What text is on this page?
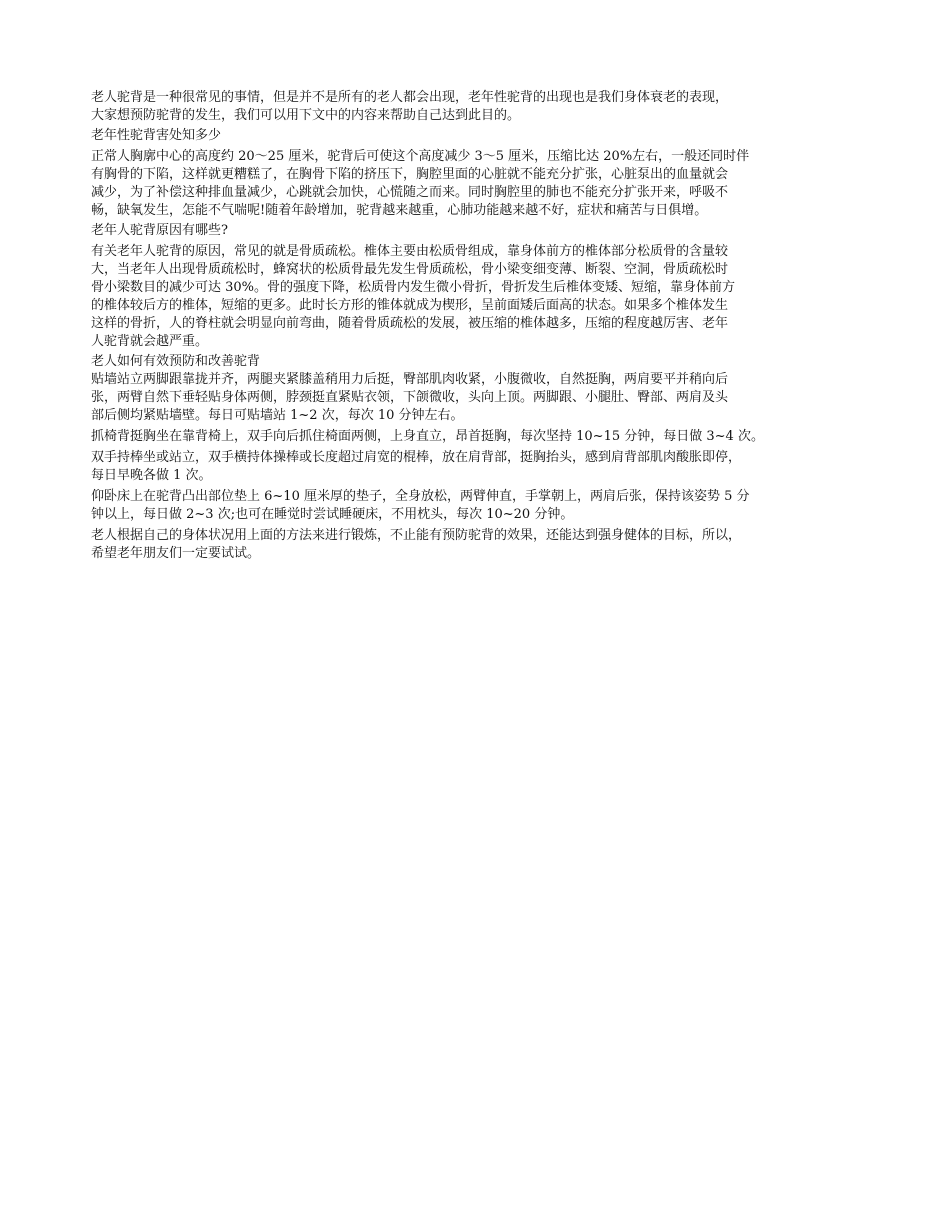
老人驼背是一种很常见的事情，但是并不是所有的老人都会出现，老年性驼背的出现也是我们身体衰老的表现，
大家想预防驼背的发生，我们可以用下文中的内容来帮助自己达到此目的。

老年性驼背害处知多少

正常人胸廓中心的高度约 20～25 厘米，驼背后可使这个高度减少 3～5 厘米，压缩比达 20%左右，一般还同时伴
有胸骨的下陷，这样就更糟糕了，在胸骨下陷的挤压下，胸腔里面的心脏就不能充分扩张，心脏泵出的血量就会
减少，为了补偿这种排血量减少，心跳就会加快，心慌随之而来。同时胸腔里的肺也不能充分扩张开来，呼吸不
畅，缺氧发生，怎能不气喘呢!随着年龄增加，驼背越来越重，心肺功能越来越不好，症状和痛苦与日俱增。

老年人驼背原因有哪些?

有关老年人驼背的原因，常见的就是骨质疏松。椎体主要由松质骨组成，靠身体前方的椎体部分松质骨的含量较
大，当老年人出现骨质疏松时，蜂窝状的松质骨最先发生骨质疏松，骨小梁变细变薄、断裂、空洞，骨质疏松时
骨小梁数目的减少可达 30%。骨的强度下降，松质骨内发生微小骨折，骨折发生后椎体变矮、短缩，靠身体前方
的椎体较后方的椎体，短缩的更多。此时长方形的锥体就成为楔形，呈前面矮后面高的状态。如果多个椎体发生
这样的骨折，人的脊柱就会明显向前弯曲，随着骨质疏松的发展，被压缩的椎体越多，压缩的程度越厉害、老年
人驼背就会越严重。

老人如何有效预防和改善驼背

贴墙站立两脚跟靠拢并齐，两腿夹紧膝盖稍用力后挺，臀部肌肉收紧，小腹微收，自然挺胸，两肩要平并稍向后
张，两臂自然下垂轻贴身体两侧，脖颈挺直紧贴衣领，下颌微收，头向上顶。两脚跟、小腿肚、臀部、两肩及头
部后侧均紧贴墙壁。每日可贴墙站 1~2 次，每次 10 分钟左右。

抓椅背挺胸坐在靠背椅上，双手向后抓住椅面两侧，上身直立，昂首挺胸，每次坚持 10~15 分钟，每日做 3~4 次。

双手持棒坐或站立，双手横持体操棒或长度超过肩宽的棍棒，放在肩背部，挺胸抬头，感到肩背部肌肉酸胀即停，
每日早晚各做 1 次。

仰卧床上在驼背凸出部位垫上 6~10 厘米厚的垫子，全身放松，两臂伸直，手掌朝上，两肩后张，保持该姿势 5 分
钟以上，每日做 2~3 次;也可在睡觉时尝试睡硬床，不用枕头，每次 10~20 分钟。

老人根据自己的身体状况用上面的方法来进行锻炼，不止能有预防驼背的效果，还能达到强身健体的目标，所以，
希望老年朋友们一定要试试。
